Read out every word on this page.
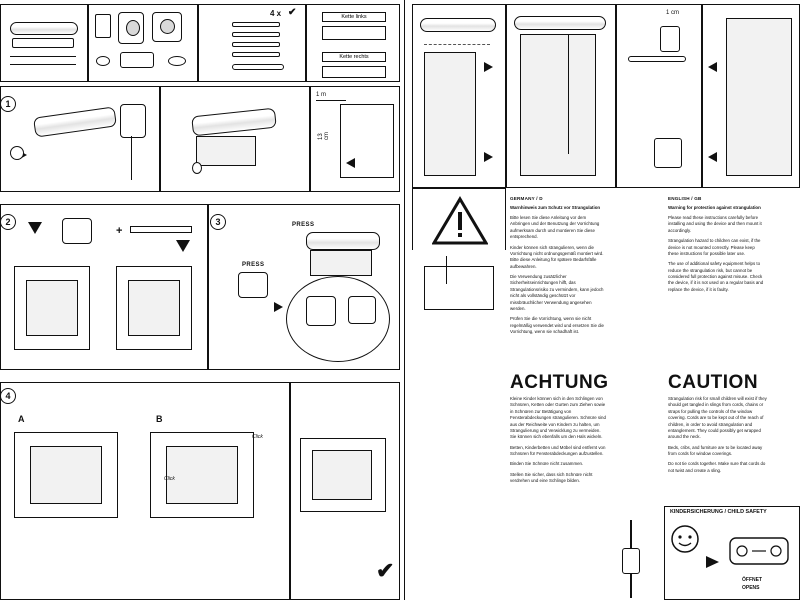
4 x ✔	Kette links
Kette rechts
1
1 m
13 cm
2
+
3	PRESS
PRESS
4
A	B
Click
Click
✔
1 cm
GERMANY / D

Warnhinweis zum Schutz vor Strangulation

Bitte lesen Sie diese Anleitung vor dem Anbringen und der Benutzung der Vorrichtung aufmerksam durch und montieren Sie diese entsprechend.

Kinder können sich strangulieren, wenn die Vorrichtung nicht ordnungsgemäß montiert wird. Bitte diese Anleitung für spätere Bedarfsfälle aufbewahren.

Die Verwendung zusätzlicher Sicherheitseinrichtungen hilft, das Strangulationsrisiko zu vermindern, kann jedoch nicht als vollständig geschützt vor missbräuchlicher Verwendung angesehen werden.

Prüfen Sie die Vorrichtung, wenn sie nicht regelmäßig verwendet wird und ersetzen Sie die Vorrichtung, wenn sie schadhaft ist.

ACHTUNG

Kleine Kinder können sich in den Schlingen von Schnüren, Ketten oder Gurten zum Ziehen sowie in Schnüren zur Betätigung von Fensterabdeckungen strangulieren. Schnüre sind aus der Reichweite von Kindern zu halten, um Strangulierung und Verwicklung zu vermeiden. Sie können sich ebenfalls um den Hals wickeln.

Betten, Kinderbetten und Möbel sind entfernt von Schnüren für Fensterabdeckungen aufzustellen.

Binden Sie Schnüre nicht zusammen.

Stellen Sie sicher, dass sich Schnüre nicht verdrehen und eine Schlinge bilden.

ENGLISH / GB

Warning for protection against strangulation

Please read these instructions carefully before installing and using the device and then mount it accordingly.

Strangulation hazard to children can exist, if the device is not mounted correctly. Please keep these instructions for possible later use.

The use of additional safety equipment helps to reduce the strangulation risk, but cannot be considered full protection against misuse. Check the device, if it is not used on a regular basis and replace the device, if it is faulty.

CAUTION

Strangulation risk for small children will exist if they should get tangled in slings from cords, chains or straps for pulling the controls of the window covering. Cords are to be kept out of the reach of children, in order to avoid strangulation and entanglement. They could possibly get wrapped around the neck.

Beds, cribs, and furniture are to be located away from cords for window coverings.

Do not tie cords together. Make sure that cords do not twist and create a sling.

KINDERSICHERUNG / CHILD SAFETY
ÖFFNET
OPENS
